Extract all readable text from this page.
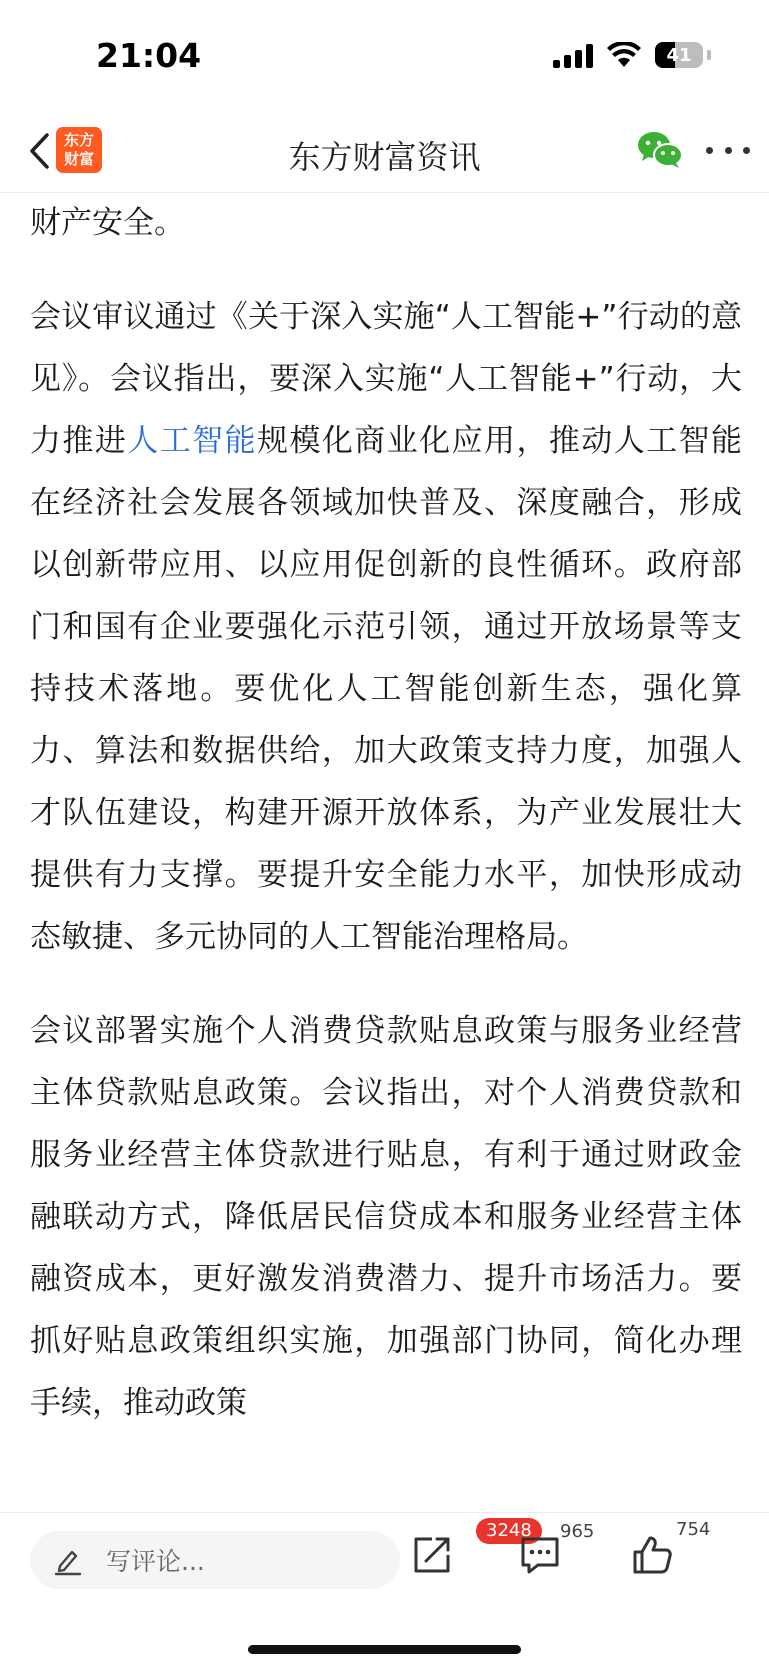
21:04	41
东方
财富	东方财富资讯

财产安全。

会议审议通过《关于深入实施“人工智能+”行动的意见》。会议指出，要深入实施“人工智能+”行动，大力推进人工智能规模化商业化应用，推动人工智能在经济社会发展各领域加快普及、深度融合，形成以创新带应用、以应用促创新的良性循环。政府部门和国有企业要强化示范引领，通过开放场景等支持技术落地。要优化人工智能创新生态，强化算力、算法和数据供给，加大政策支持力度，加强人才队伍建设，构建开源开放体系，为产业发展壮大提供有力支撑。要提升安全能力水平，加快形成动态敏捷、多元协同的人工智能治理格局。

会议部署实施个人消费贷款贴息政策与服务业经营主体贷款贴息政策。会议指出，对个人消费贷款和服务业经营主体贷款进行贴息，有利于通过财政金融联动方式，降低居民信贷成本和服务业经营主体融资成本，更好激发消费潜力、提升市场活力。要抓好贴息政策组织实施，加强部门协同，简化办理手续，推动政策

写评论...
3248	965	754
